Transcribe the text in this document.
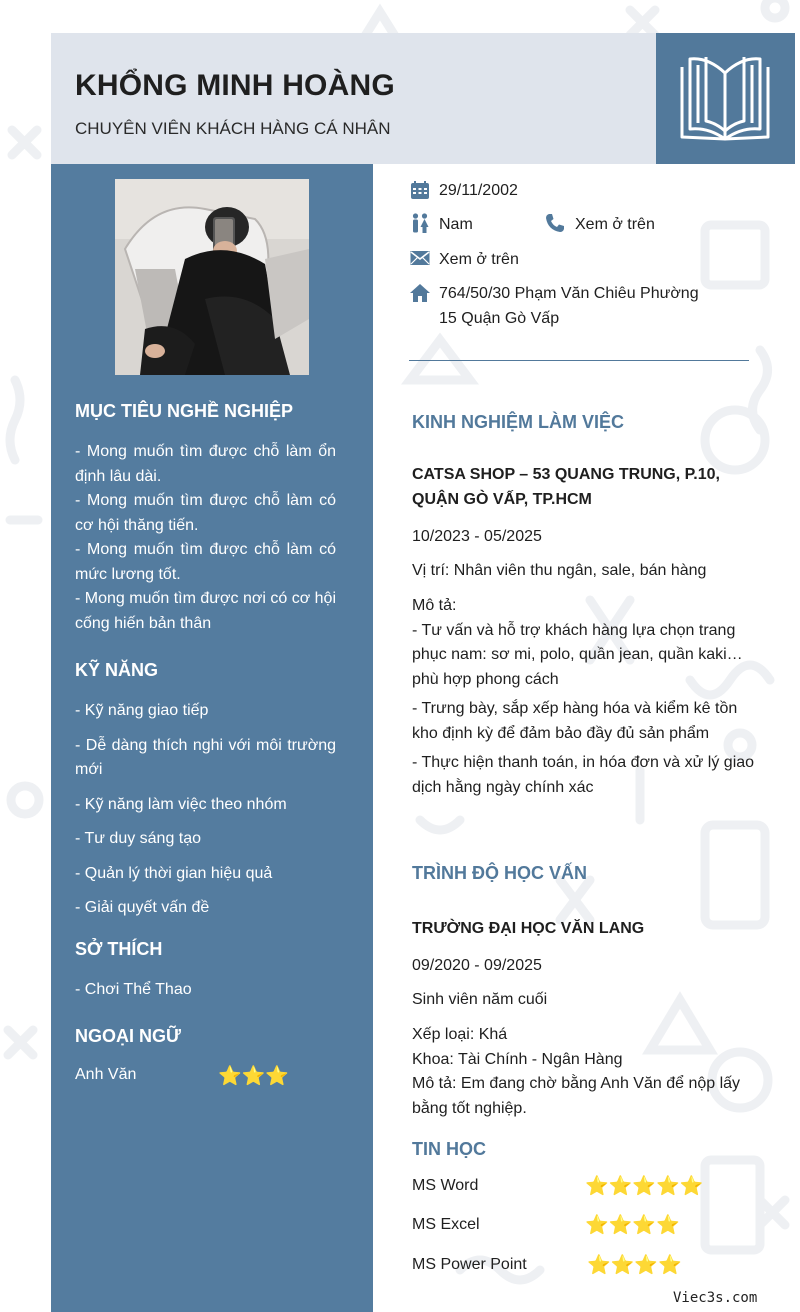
KHỔNG MINH HOÀNG
CHUYÊN VIÊN KHÁCH HÀNG CÁ NHÂN
MỤC TIÊU NGHỀ NGHIỆP

- Mong muốn tìm được chỗ làm ổn định lâu dài.

- Mong muốn tìm được chỗ làm có cơ hội thăng tiến.

- Mong muốn tìm được chỗ làm có mức lương tốt.

- Mong muốn tìm được nơi có cơ hội cống hiến bản thân

KỸ NĂNG

- Kỹ năng giao tiếp

- Dễ dàng thích nghi với môi trường mới

- Kỹ năng làm việc theo nhóm

- Tư duy sáng tạo

- Quản lý thời gian hiệu quả

- Giải quyết vấn đề

SỞ THÍCH
- Chơi Thể Thao
NGOẠI NGỮ
Anh Văn	⭐⭐⭐
29/11/2002
Nam	Xem ở trên
Xem ở trên
764/50/30 Phạm Văn Chiêu Phường
15 Quận Gò Vấp
KINH NGHIỆM LÀM VIỆC
CATSA SHOP – 53 QUANG TRUNG, P.10, QUẬN GÒ VẤP, TP.HCM
10/2023 - 05/2025
Vị trí: Nhân viên thu ngân, sale, bán hàng

Mô tả:

- Tư vấn và hỗ trợ khách hàng lựa chọn trang phục nam: sơ mi, polo, quần jean, quần kaki… phù hợp phong cách

- Trưng bày, sắp xếp hàng hóa và kiểm kê tồn kho định kỳ để đảm bảo đầy đủ sản phẩm

- Thực hiện thanh toán, in hóa đơn và xử lý giao dịch hằng ngày chính xác

TRÌNH ĐỘ HỌC VẤN
TRƯỜNG ĐẠI HỌC VĂN LANG
09/2020 - 09/2025
Sinh viên năm cuối

Xếp loại: Khá

Khoa: Tài Chính - Ngân Hàng

Mô tả: Em đang chờ bằng Anh Văn để nộp lấy bằng tốt nghiệp.

TIN HỌC
MS Word	⭐⭐⭐⭐⭐
MS Excel	⭐⭐⭐⭐
MS Power Point	⭐⭐⭐⭐
Viec3s.com
